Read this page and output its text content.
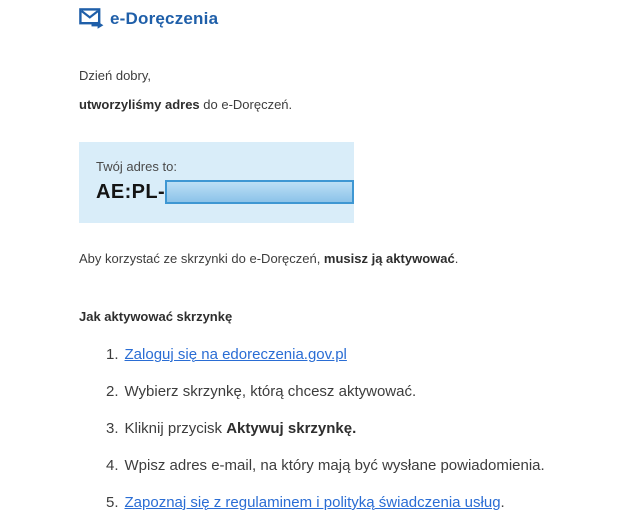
e-Doręczenia

Dzień dobry,

utworzyliśmy adres do e-Doręczeń.

Twój adres to:
AE:PL-

Aby korzystać ze skrzynki do e-Doręczeń, musisz ją aktywować.

Jak aktywować skrzynkę
1. Zaloguj się na edoreczenia.gov.pl
2. Wybierz skrzynkę, którą chcesz aktywować.
3. Kliknij przycisk Aktywuj skrzynkę.
4. Wpisz adres e-mail, na który mają być wysłane powiadomienia.
5. Zapoznaj się z regulaminem i polityką świadczenia usług.
